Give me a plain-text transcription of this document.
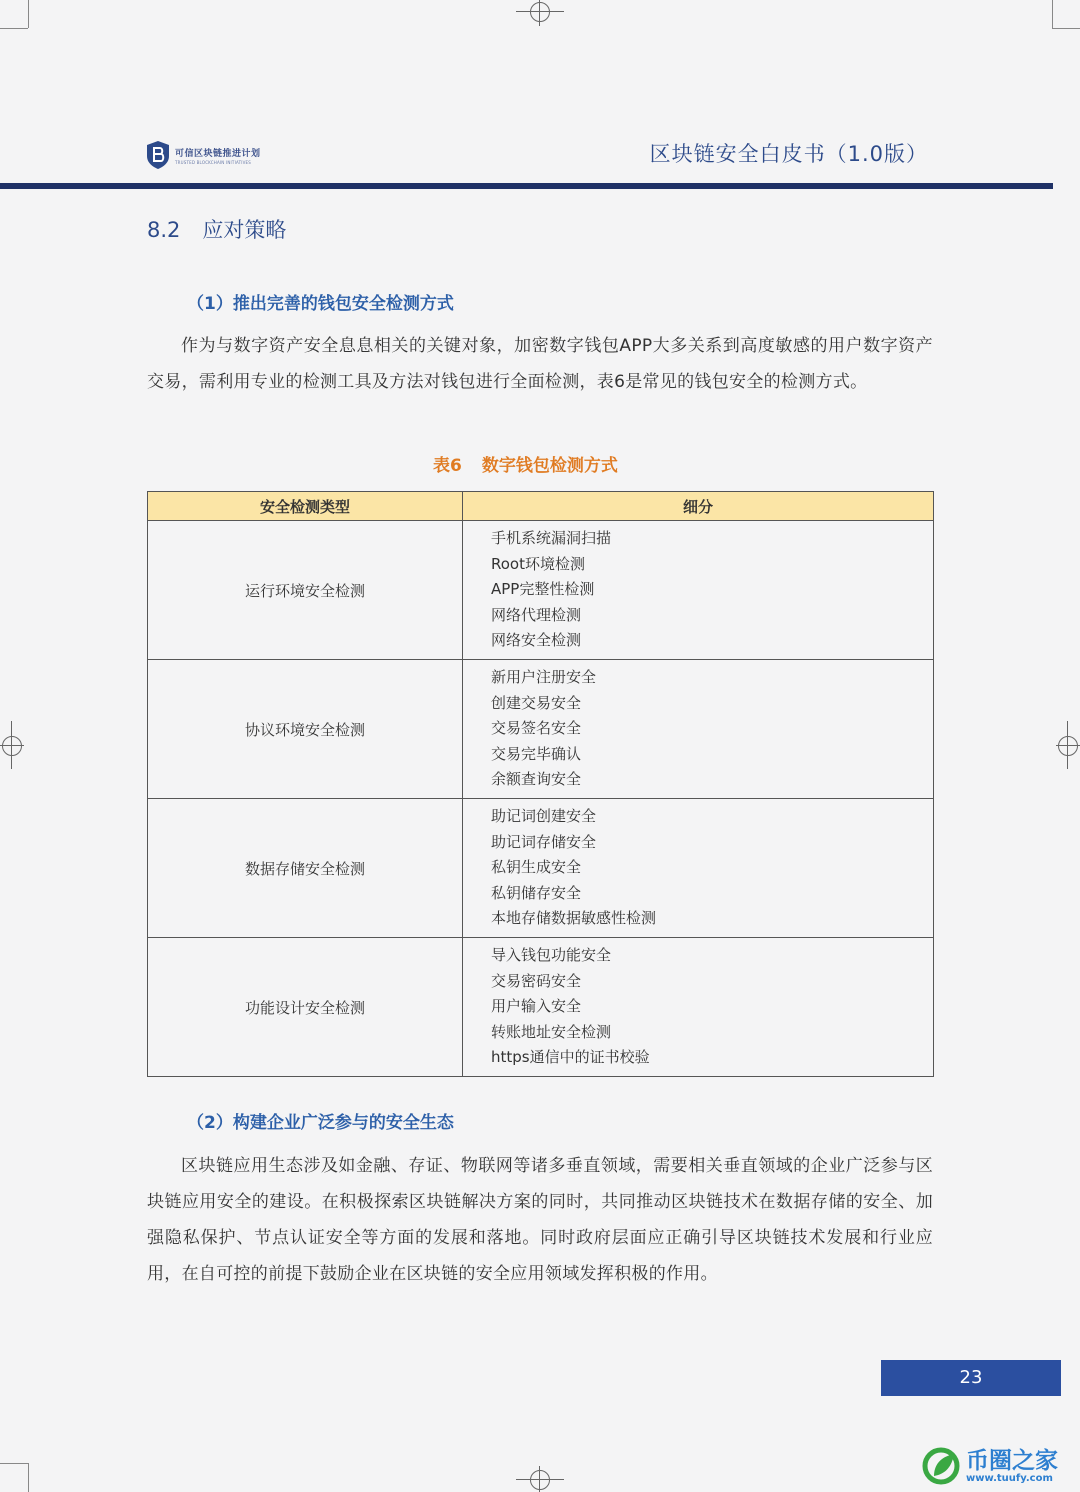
可信区块链推进计划
TRUSTED BLOCKCHAIN INITIATIVES	区块链安全白皮书（1.0版）
8.2 应对策略
（1）推出完善的钱包安全检测方式
作为与数字资产安全息息相关的关键对象，加密数字钱包APP大多关系到高度敏感的用户数字资产交易，需利用专业的检测工具及方法对钱包进行全面检测，表6是常见的钱包安全的检测方式。
表6 数字钱包检测方式
安全检测类型	细分
运行环境安全检测	手机系统漏洞扫描
Root环境检测
APP完整性检测
网络代理检测
网络安全检测

协议环境安全检测	新用户注册安全
创建交易安全
交易签名安全
交易完毕确认
余额查询安全

数据存储安全检测	助记词创建安全
助记词存储安全
私钥生成安全
私钥储存安全
本地存储数据敏感性检测

功能设计安全检测	导入钱包功能安全
交易密码安全
用户输入安全
转账地址安全检测
https通信中的证书校验
（2）构建企业广泛参与的安全生态
区块链应用生态涉及如金融、存证、物联网等诸多垂直领域，需要相关垂直领域的企业广泛参与区块链应用安全的建设。在积极探索区块链解决方案的同时，共同推动区块链技术在数据存储的安全、加强隐私保护、节点认证安全等方面的发展和落地。同时政府层面应正确引导区块链技术发展和行业应用，在自可控的前提下鼓励企业在区块链的安全应用领域发挥积极的作用。
23
币圈之家
www.tuufy.com
